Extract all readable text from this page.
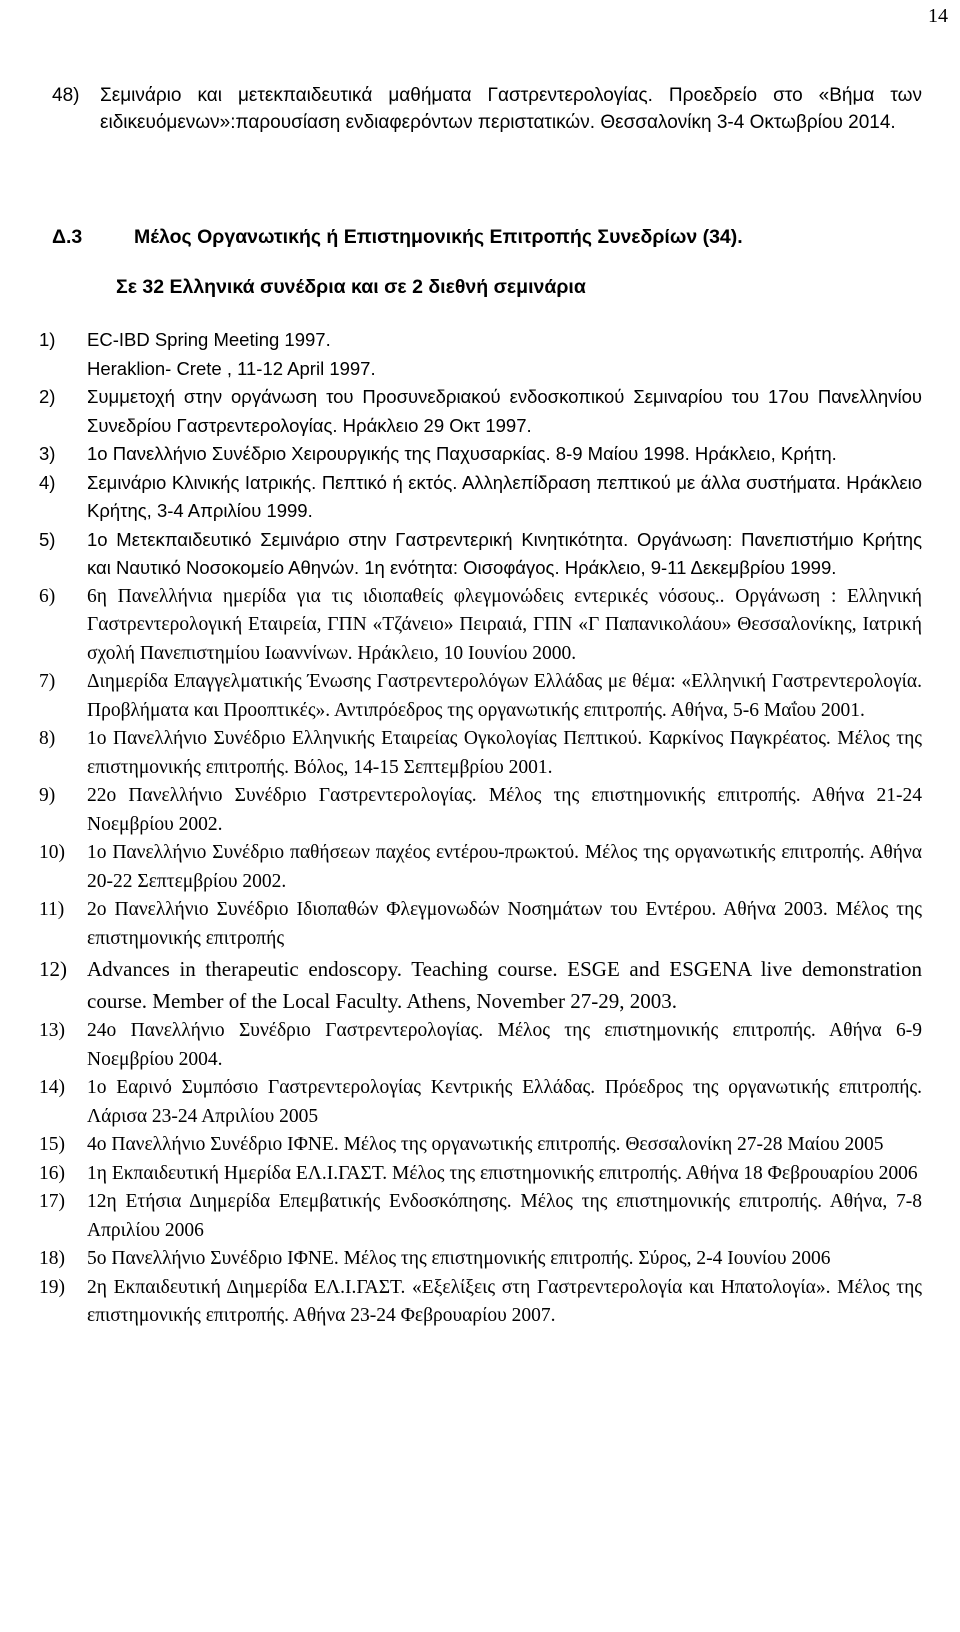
14

48)	Σεμινάριο και μετεκπαιδευτικά μαθήματα Γαστρεντερολογίας. Προεδρείο στο «Βήμα των ειδικευόμενων»:παρουσίαση ενδιαφερόντων περιστατικών. Θεσσαλονίκη 3-4 Οκτωβρίου 2014.

Δ.3	Μέλος Οργανωτικής ή Επιστημονικής Επιτροπής Συνεδρίων (34).
Σε 32 Ελληνικά συνέδρια και σε 2 διεθνή σεμινάρια

1)	EC-IBD Spring Meeting 1997.
Heraklion- Crete , 11-12 April 1997.

2)	Συμμετοχή στην οργάνωση του Προσυνεδριακού ενδοσκοπικού Σεμιναρίου του 17ου Πανελληνίου Συνεδρίου Γαστρεντερολογίας. Ηράκλειο 29 Οκτ 1997.

3)	1ο Πανελλήνιο Συνέδριο Χειρουργικής της Παχυσαρκίας. 8-9 Μαίου 1998. Ηράκλειο, Κρήτη.

4)	Σεμινάριο Κλινικής Ιατρικής. Πεπτικό ή εκτός. Αλληλεπίδραση πεπτικού με άλλα συστήματα. Ηράκλειο Κρήτης, 3-4 Απριλίου 1999.

5)	1ο Μετεκπαιδευτικό Σεμινάριο στην Γαστρεντερική Κινητικότητα. Οργάνωση: Πανεπιστήμιο Κρήτης και Ναυτικό Νοσοκομείο Αθηνών. 1η ενότητα: Οισοφάγος. Ηράκλειο, 9-11 Δεκεμβρίου 1999.

6)	6η Πανελλήνια ημερίδα για τις ιδιοπαθείς φλεγμονώδεις εντερικές νόσους.. Οργάνωση : Ελληνική Γαστρεντερολογική Εταιρεία, ΓΠΝ «Τζάνειο» Πειραιά, ΓΠΝ «Γ Παπανικολάου» Θεσσαλονίκης, Ιατρική σχολή Πανεπιστημίου Ιωαννίνων. Ηράκλειο, 10 Ιουνίου 2000.

7)	Διημερίδα Επαγγελματικής Ένωσης Γαστρεντερολόγων Ελλάδας με θέμα: «Ελληνική Γαστρεντερολογία. Προβλήματα και Προοπτικές». Αντιπρόεδρος της οργανωτικής επιτροπής. Αθήνα, 5-6 Μαΐου 2001.

8)	1ο Πανελλήνιο Συνέδριο Ελληνικής Εταιρείας Ογκολογίας Πεπτικού. Καρκίνος Παγκρέατος. Μέλος της επιστημονικής επιτροπής. Βόλος, 14-15 Σεπτεμβρίου 2001.

9)	22ο Πανελλήνιο Συνέδριο Γαστρεντερολογίας. Μέλος της επιστημονικής επιτροπής. Αθήνα 21-24 Νοεμβρίου 2002.

10)	1ο Πανελλήνιο Συνέδριο παθήσεων παχέος εντέρου-πρωκτού. Μέλος της οργανωτικής επιτροπής. Αθήνα 20-22 Σεπτεμβρίου 2002.

11)	2ο Πανελλήνιο Συνέδριο Ιδιοπαθών Φλεγμονωδών Νοσημάτων του Εντέρου. Αθήνα 2003. Μέλος της επιστημονικής επιτροπής

12) Advances in therapeutic endoscopy. Teaching course. ESGE and ESGENA live demonstration course. Member of the Local Faculty. Athens, November 27-29, 2003.

13)	24ο Πανελλήνιο Συνέδριο Γαστρεντερολογίας. Μέλος της επιστημονικής επιτροπής. Αθήνα 6-9 Νοεμβρίου 2004.

14)	1ο Εαρινό Συμπόσιο Γαστρεντερολογίας Κεντρικής Ελλάδας. Πρόεδρος της οργανωτικής επιτροπής. Λάρισα 23-24 Απριλίου 2005

15)	4ο Πανελλήνιο Συνέδριο ΙΦΝΕ. Μέλος της οργανωτικής επιτροπής. Θεσσαλονίκη 27-28 Μαίου 2005

16)	1η Εκπαιδευτική Ημερίδα ΕΛ.Ι.ΓΑΣΤ. Μέλος της επιστημονικής επιτροπής. Αθήνα 18 Φεβρουαρίου 2006

17)	12η Ετήσια Διημερίδα Επεμβατικής Ενδοσκόπησης. Μέλος της επιστημονικής επιτροπής. Αθήνα, 7-8 Απριλίου 2006

18)	5ο Πανελλήνιο Συνέδριο ΙΦΝΕ. Μέλος της επιστημονικής επιτροπής. Σύρος, 2-4 Ιουνίου 2006

19)	2η Εκπαιδευτική Διημερίδα ΕΛ.Ι.ΓΑΣΤ. «Εξελίξεις στη Γαστρεντερολογία και Ηπατολογία». Μέλος της επιστημονικής επιτροπής. Αθήνα 23-24 Φεβρουαρίου 2007.
